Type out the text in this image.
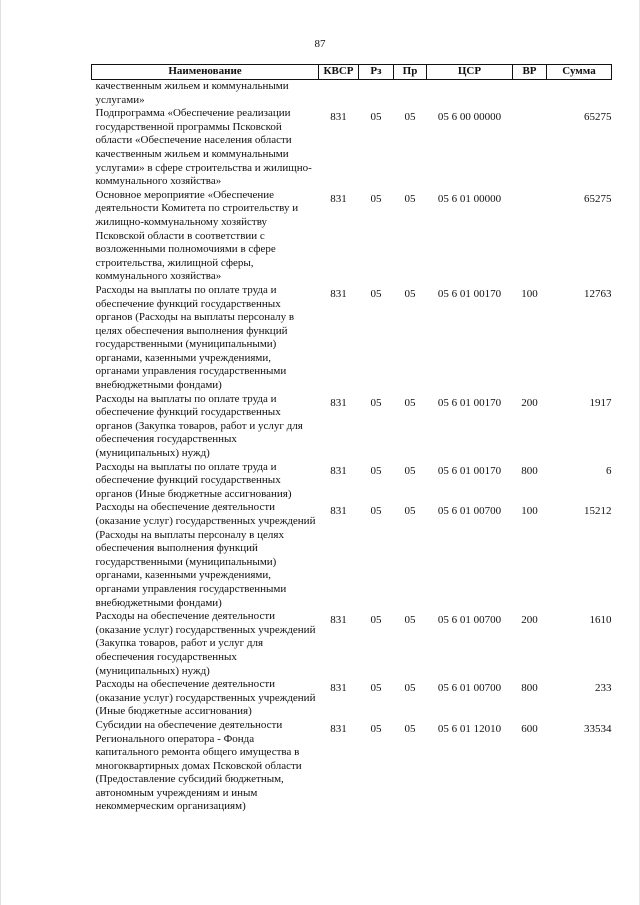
87
Наименование	КВСР	Рз	Пр	ЦСР	ВР	Сумма
качественным жильем и коммунальными услугами»						
Подпрограмма «Обеспечение реализации государственной программы Псковской области «Обеспечение населения области качественным жильем и коммунальными услугами» в сфере строительства и жилищно-коммунального хозяйства»	831	05	05	05 6 00 00000		65275
Основное мероприятие «Обеспечение деятельности Комитета по строительству и жилищно-коммунальному хозяйству Псковской области в соответствии с возложенными полномочиями в сфере строительства, жилищной сферы, коммунального хозяйства»	831	05	05	05 6 01 00000		65275
Расходы на выплаты по оплате труда и обеспечение функций государственных органов (Расходы на выплаты персоналу в целях обеспечения выполнения функций государственными (муниципальными) органами, казенными учреждениями, органами управления государственными внебюджетными фондами)	831	05	05	05 6 01 00170	100	12763
Расходы на выплаты по оплате труда и обеспечение функций государственных органов (Закупка товаров, работ и услуг для обеспечения государственных (муниципальных) нужд)	831	05	05	05 6 01 00170	200	1917
Расходы на выплаты по оплате труда и обеспечение функций государственных органов (Иные бюджетные ассигнования)	831	05	05	05 6 01 00170	800	6
Расходы на обеспечение деятельности (оказание услуг) государственных учреждений (Расходы на выплаты персоналу в целях обеспечения выполнения функций государственными (муниципальными) органами, казенными учреждениями, органами управления государственными внебюджетными фондами)	831	05	05	05 6 01 00700	100	15212
Расходы на обеспечение деятельности (оказание услуг) государственных учреждений (Закупка товаров, работ и услуг для обеспечения государственных (муниципальных) нужд)	831	05	05	05 6 01 00700	200	1610
Расходы на обеспечение деятельности (оказание услуг) государственных учреждений (Иные бюджетные ассигнования)	831	05	05	05 6 01 00700	800	233
Субсидии на обеспечение деятельности Регионального оператора - Фонда капитального ремонта общего имущества в многоквартирных домах Псковской области (Предоставление субсидий бюджетным, автономным учреждениям и иным некоммерческим организациям)	831	05	05	05 6 01 12010	600	33534
